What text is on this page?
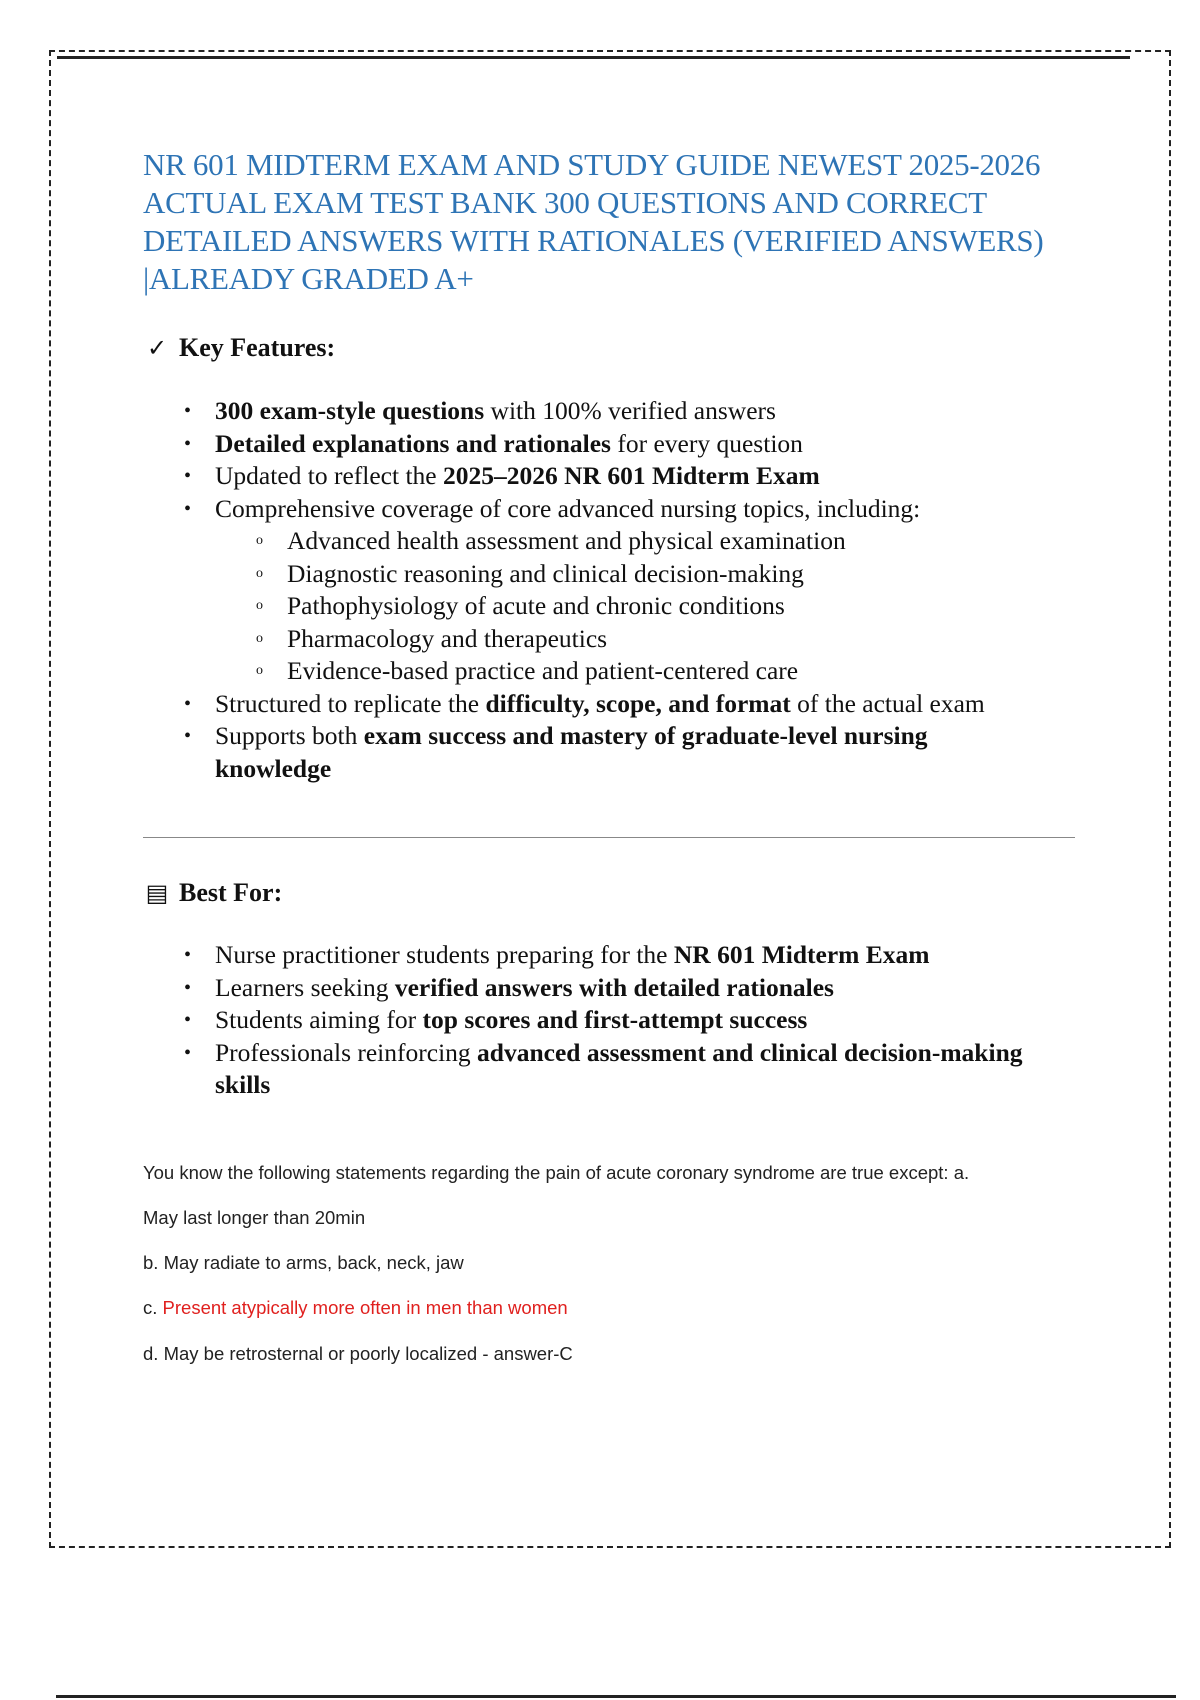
NR 601 MIDTERM EXAM AND STUDY GUIDE NEWEST 2025-2026 ACTUAL EXAM TEST BANK 300 QUESTIONS AND CORRECT DETAILED ANSWERS WITH RATIONALES (VERIFIED ANSWERS) |ALREADY GRADED A+
✓ Key Features:
• 300 exam-style questions with 100% verified answers
• Detailed explanations and rationales for every question
• Updated to reflect the 2025–2026 NR 601 Midterm Exam
• Comprehensive coverage of core advanced nursing topics, including:
o Advanced health assessment and physical examination
o Diagnostic reasoning and clinical decision-making
o Pathophysiology of acute and chronic conditions
o Pharmacology and therapeutics
o Evidence-based practice and patient-centered care
• Structured to replicate the difficulty, scope, and format of the actual exam
• Supports both exam success and mastery of graduate-level nursing knowledge
▤ Best For:
• Nurse practitioner students preparing for the NR 601 Midterm Exam
• Learners seeking verified answers with detailed rationales
• Students aiming for top scores and first-attempt success
• Professionals reinforcing advanced assessment and clinical decision-making skills
You know the following statements regarding the pain of acute coronary syndrome are true except: a.
May last longer than 20min
b. May radiate to arms, back, neck, jaw
c. Present atypically more often in men than women
d. May be retrosternal or poorly localized - answer-C
